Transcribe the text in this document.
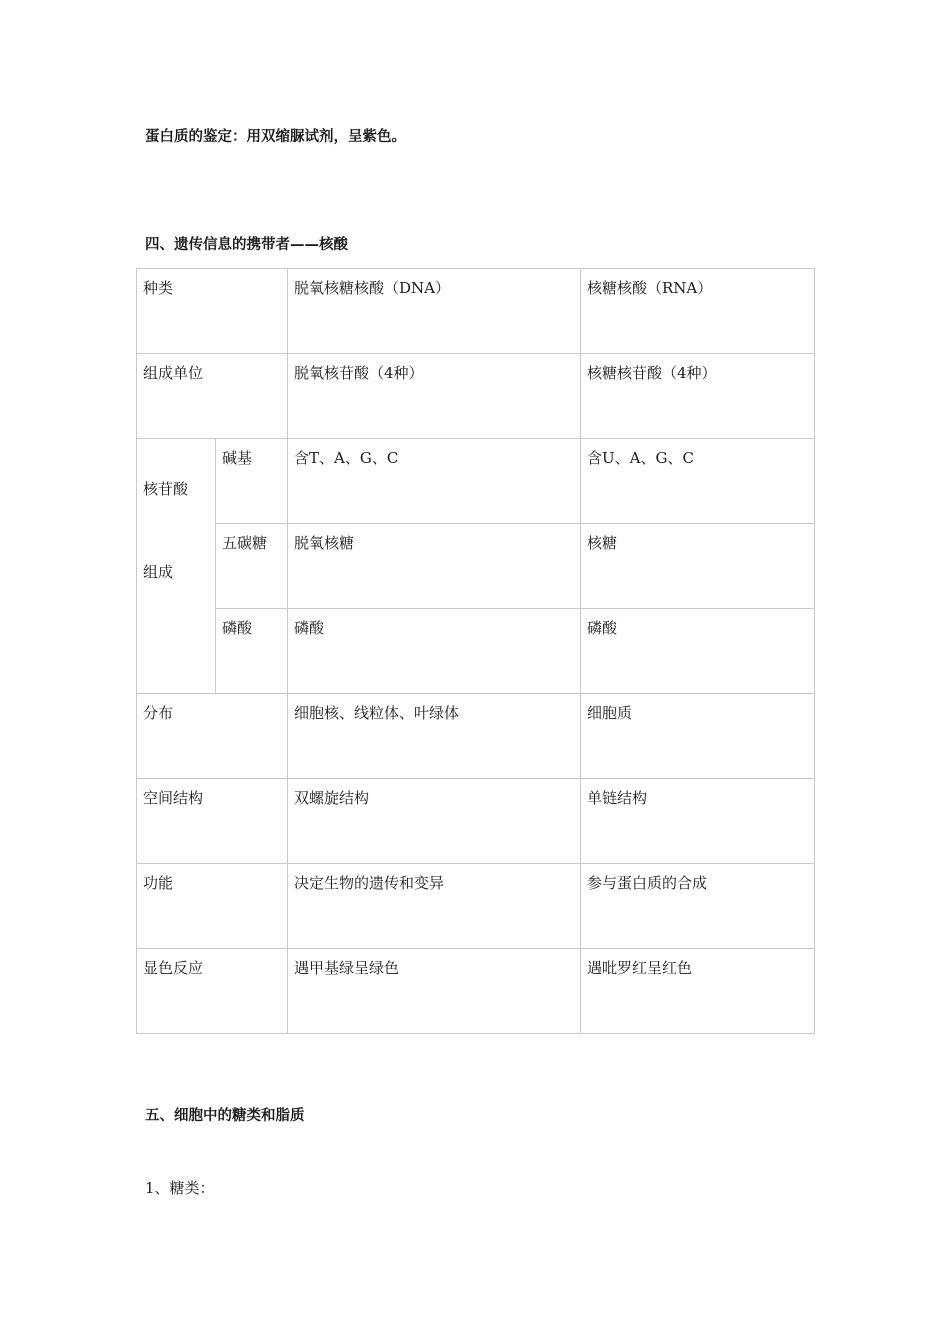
蛋白质的鉴定：用双缩脲试剂，呈紫色。
四、遗传信息的携带者——核酸
种类		脱氧核糖核酸（DNA）	核糖核酸（RNA）
组成单位		脱氧核苷酸（4种）	核糖核苷酸（4种）

核苷酸
组成	碱基	含T、A、G、C	含U、A、G、C
	五碳糖	脱氧核糖	核糖
	磷酸	磷酸	磷酸
分布		细胞核、线粒体、叶绿体	细胞质
空间结构		双螺旋结构	单链结构
功能		决定生物的遗传和变异	参与蛋白质的合成
显色反应		遇甲基绿呈绿色	遇吡罗红呈红色
五、细胞中的糖类和脂质
1、糖类：
